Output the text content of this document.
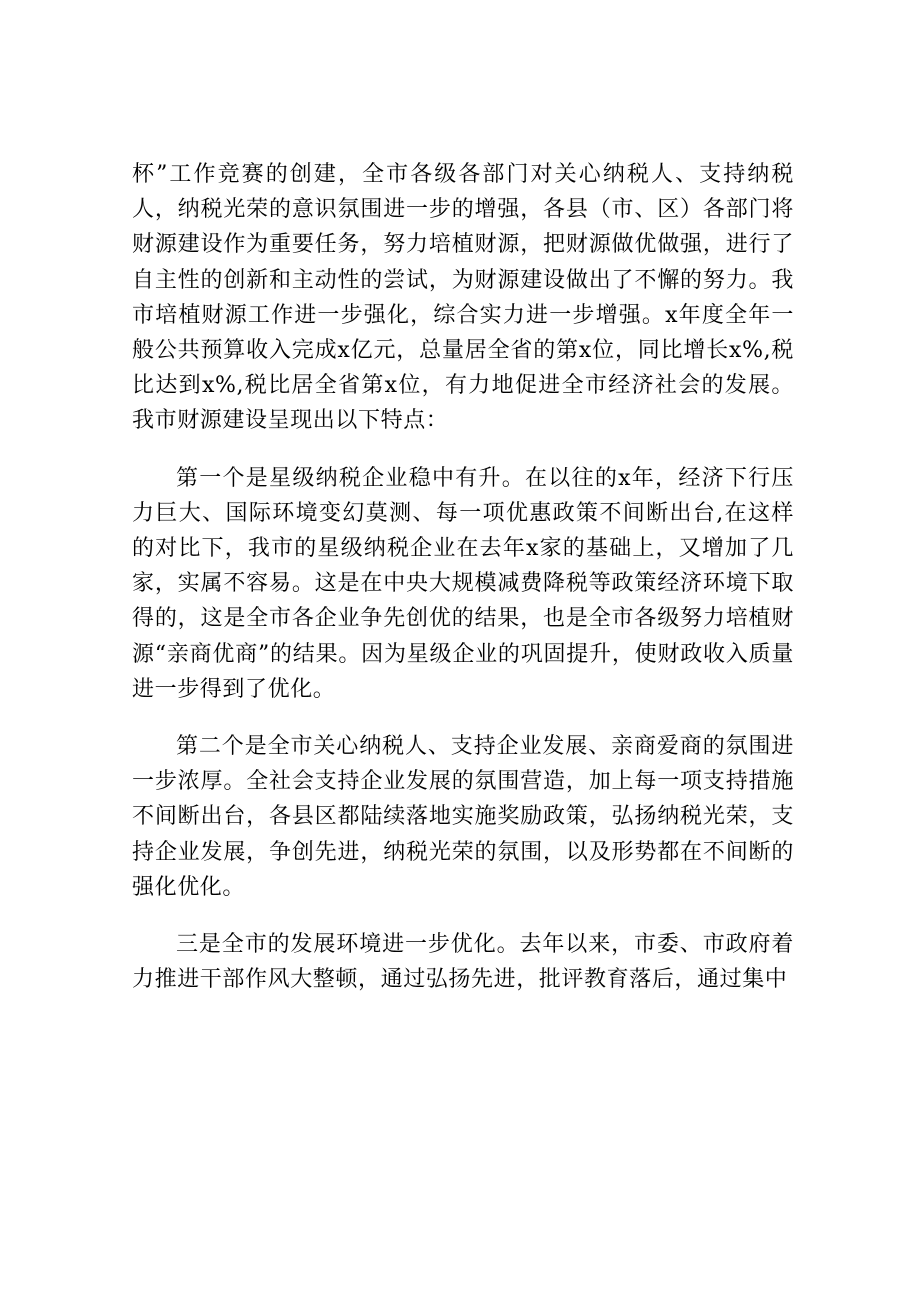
杯”工作竞赛的创建，全市各级各部门对关心纳税人、支持纳税人，纳税光荣的意识氛围进一步的增强，各县（市、区）各部门将财源建设作为重要任务，努力培植财源，把财源做优做强，进行了自主性的创新和主动性的尝试，为财源建设做出了不懈的努力。我市培植财源工作进一步强化，综合实力进一步增强。x年度全年一般公共预算收入完成x亿元，总量居全省的第x位，同比增长x%,税比达到x%,税比居全省第x位，有力地促进全市经济社会的发展。我市财源建设呈现出以下特点：

第一个是星级纳税企业稳中有升。在以往的x年，经济下行压力巨大、国际环境变幻莫测、每一项优惠政策不间断出台,在这样的对比下，我市的星级纳税企业在去年x家的基础上，又增加了几家，实属不容易。这是在中央大规模减费降税等政策经济环境下取得的，这是全市各企业争先创优的结果，也是全市各级努力培植财源“亲商优商”的结果。因为星级企业的巩固提升，使财政收入质量进一步得到了优化。

第二个是全市关心纳税人、支持企业发展、亲商爱商的氛围进一步浓厚。全社会支持企业发展的氛围营造，加上每一项支持措施不间断出台，各县区都陆续落地实施奖励政策，弘扬纳税光荣，支持企业发展，争创先进，纳税光荣的氛围，以及形势都在不间断的强化优化。

三是全市的发展环境进一步优化。去年以来，市委、市政府着力推进干部作风大整顿，通过弘扬先进，批评教育落后，通过集中
